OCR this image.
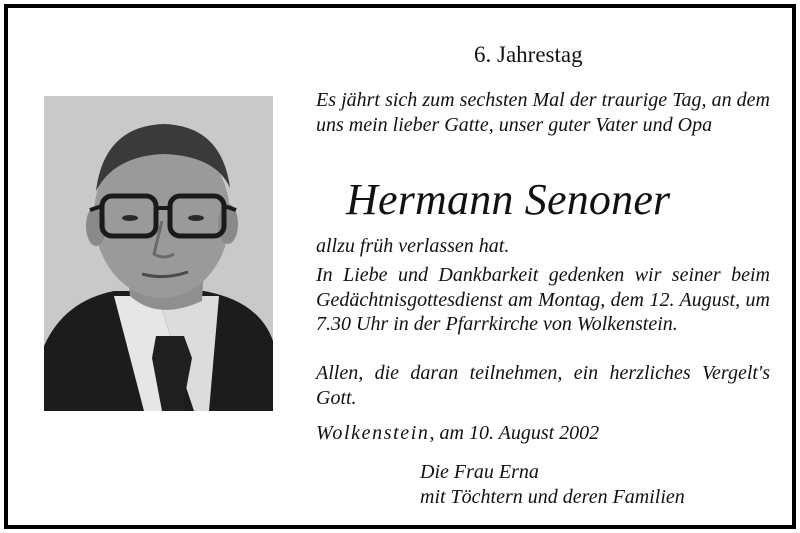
6. Jahrestag

Es jährt sich zum sechsten Mal der traurige Tag, an dem uns mein lieber Gatte, unser guter Vater und Opa

Hermann Senoner

allzu früh verlassen hat.

In Liebe und Dankbarkeit gedenken wir seiner beim Gedächtnisgottesdienst am Montag, dem 12. August, um 7.30 Uhr in der Pfarrkirche von Wolkenstein.

Allen, die daran teilnehmen, ein herzliches Vergelt's Gott.

Wolkenstein, am 10. August 2002

Die Frau Erna
mit Töchtern und deren Familien
